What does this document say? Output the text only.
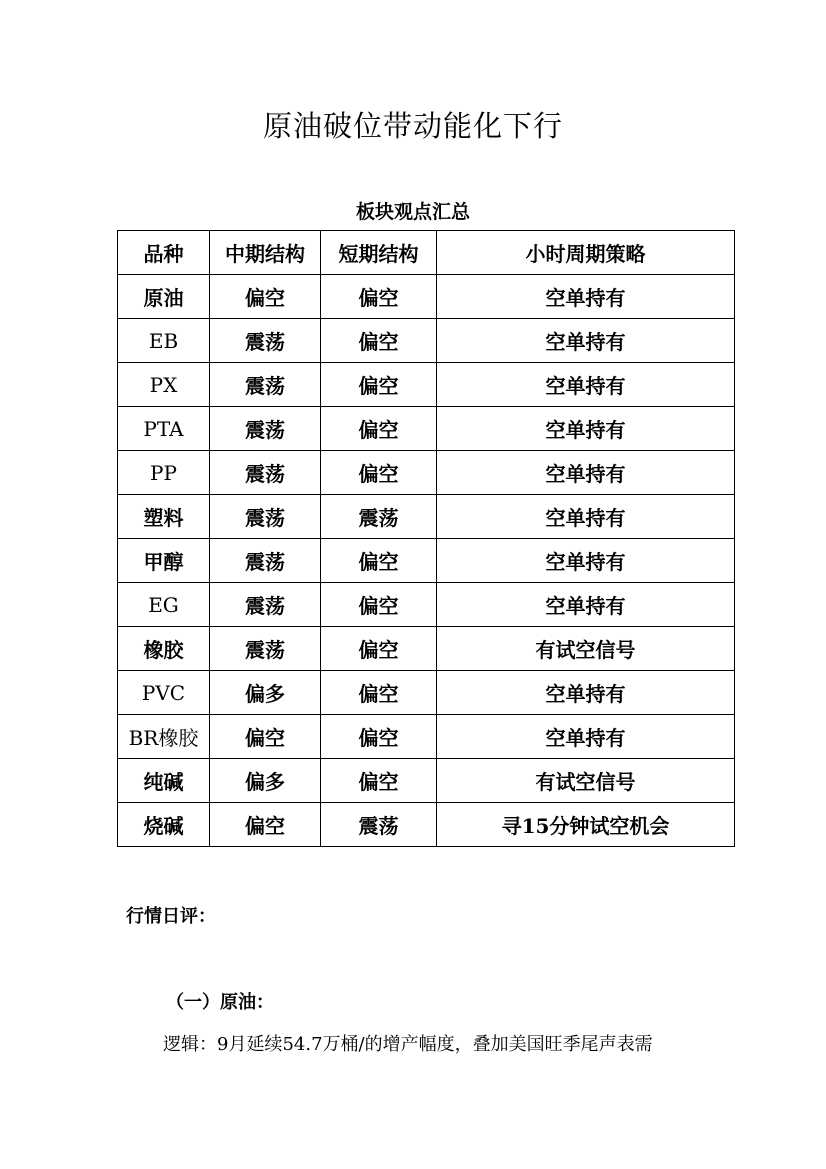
原油破位带动能化下行
板块观点汇总
品种	中期结构	短期结构	小时周期策略
原油	偏空	偏空	空单持有
EB	震荡	偏空	空单持有
PX	震荡	偏空	空单持有
PTA	震荡	偏空	空单持有
PP	震荡	偏空	空单持有
塑料	震荡	震荡	空单持有
甲醇	震荡	偏空	空单持有
EG	震荡	偏空	空单持有
橡胶	震荡	偏空	有试空信号
PVC	偏多	偏空	空单持有
BR橡胶	偏空	偏空	空单持有
纯碱	偏多	偏空	有试空信号
烧碱	偏空	震荡	寻15分钟试空机会

行情日评：

（一）原油：

逻辑：9月延续54.7万桶/的增产幅度，叠加美国旺季尾声表需
